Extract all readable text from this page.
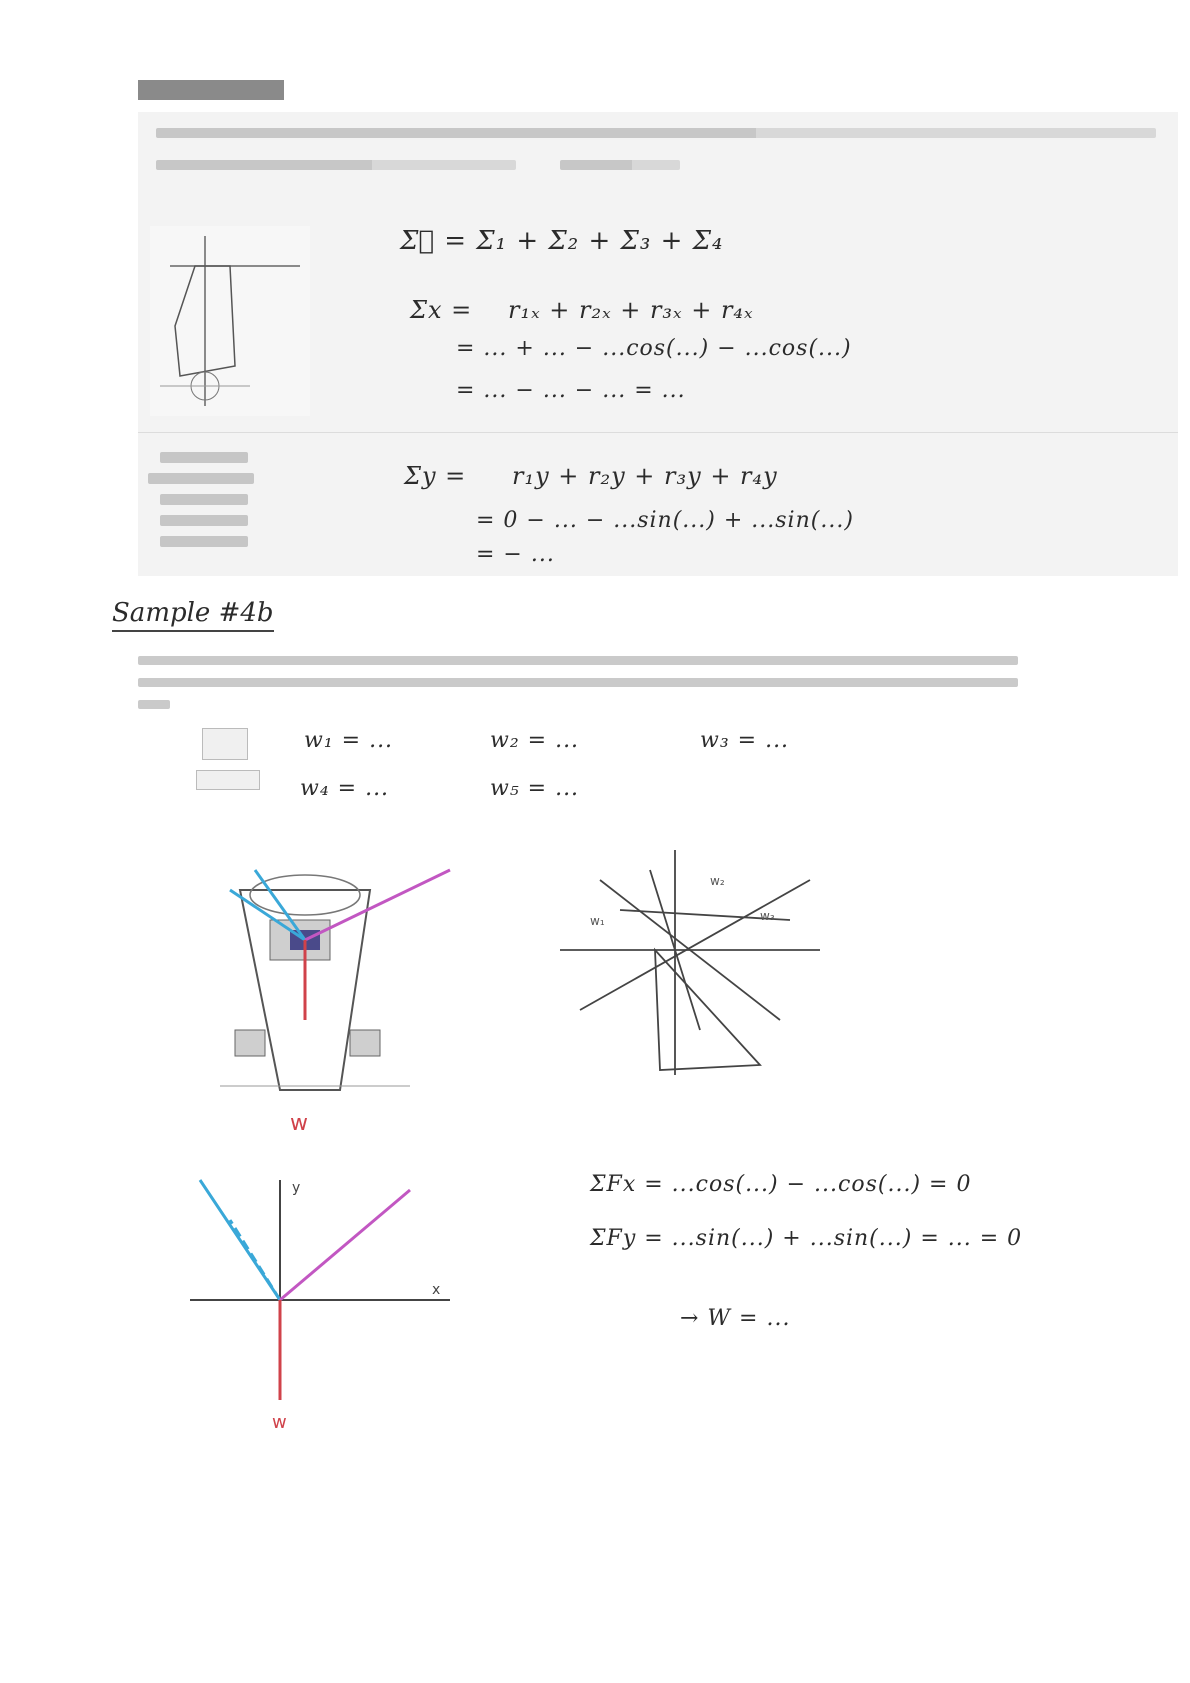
Σ⃗ = Σ₁ + Σ₂ + Σ₃ + Σ₄
Σx = r₁ₓ + r₂ₓ + r₃ₓ + r₄ₓ
= ... + ... − ...cos(...) − ...cos(...)
= ... − ... − ... = ...
Σy = r₁y + r₂y + r₃y + r₄y
= 0 − ... − ...sin(...) + ...sin(...)
= − ...
Sample #4b
w₁ = ...	w₂ = ...	w₃ = ...
w₄ = ...	w₅ = ...
w
w₁
w₂
w₃
y
x
w
ΣFx = ...cos(...) − ...cos(...) = 0
ΣFy = ...sin(...) + ...sin(...) = ... = 0
→ W = ...
